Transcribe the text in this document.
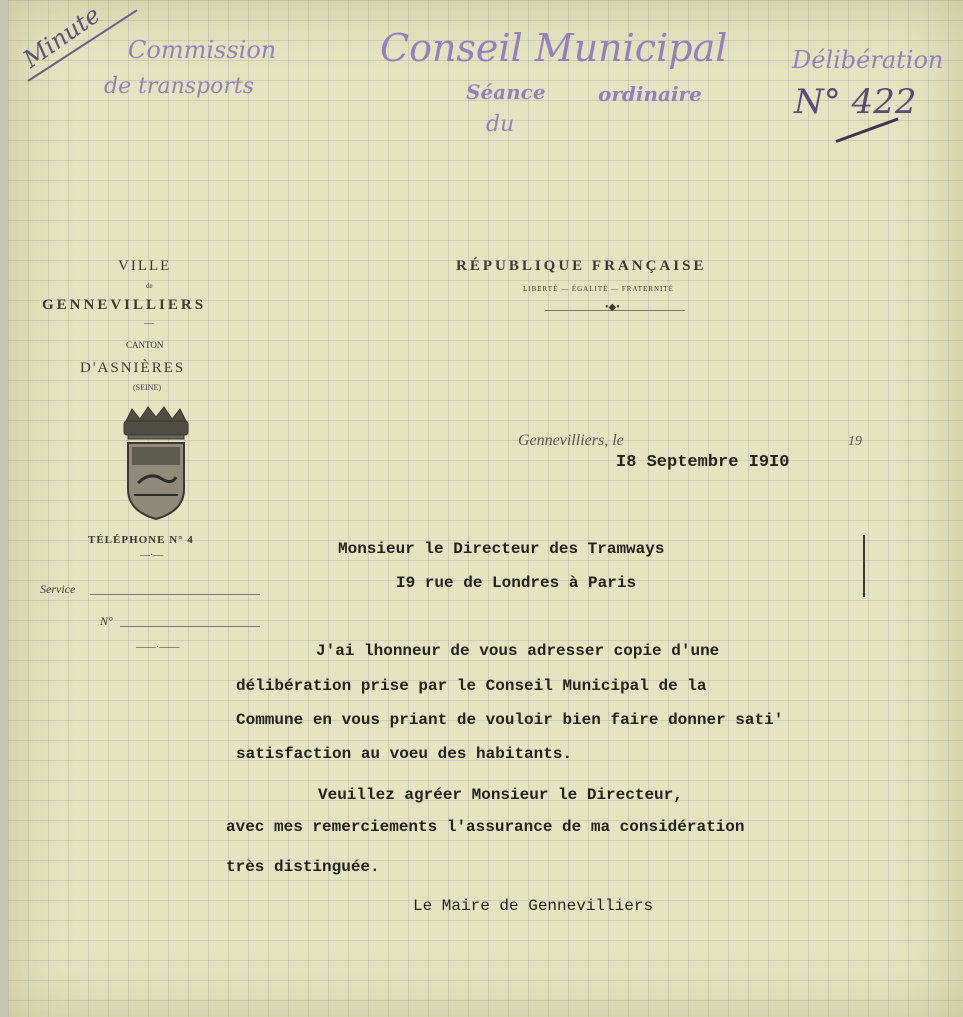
Minute Commission
de transports
Conseil Municipal
Séance	ordinaire
du
Délibération
N° 422
VILLE
de
GENNEVILLIERS
—
CANTON
D'ASNIÈRES
(SEINE)
TÉLÉPHONE N° 4
—·—
Service
N°
——·——
RÉPUBLIQUE FRANÇAISE
LIBERTÉ — ÉGALITÉ — FRATERNITÉ
•◆•
Gennevilliers, le	19
I8 Septembre I9I0
Monsieur le Directeur des Tramways
I9 rue de Londres à Paris
J'ai lhonneur de vous adresser copie d'une
délibération prise par le Conseil Municipal de la
Commune en vous priant de vouloir bien faire donner sati'
satisfaction au voeu des habitants.
Veuillez agréer Monsieur le Directeur,
avec mes remerciements l'assurance de ma considération
très distinguée.
Le Maire de Gennevilliers
